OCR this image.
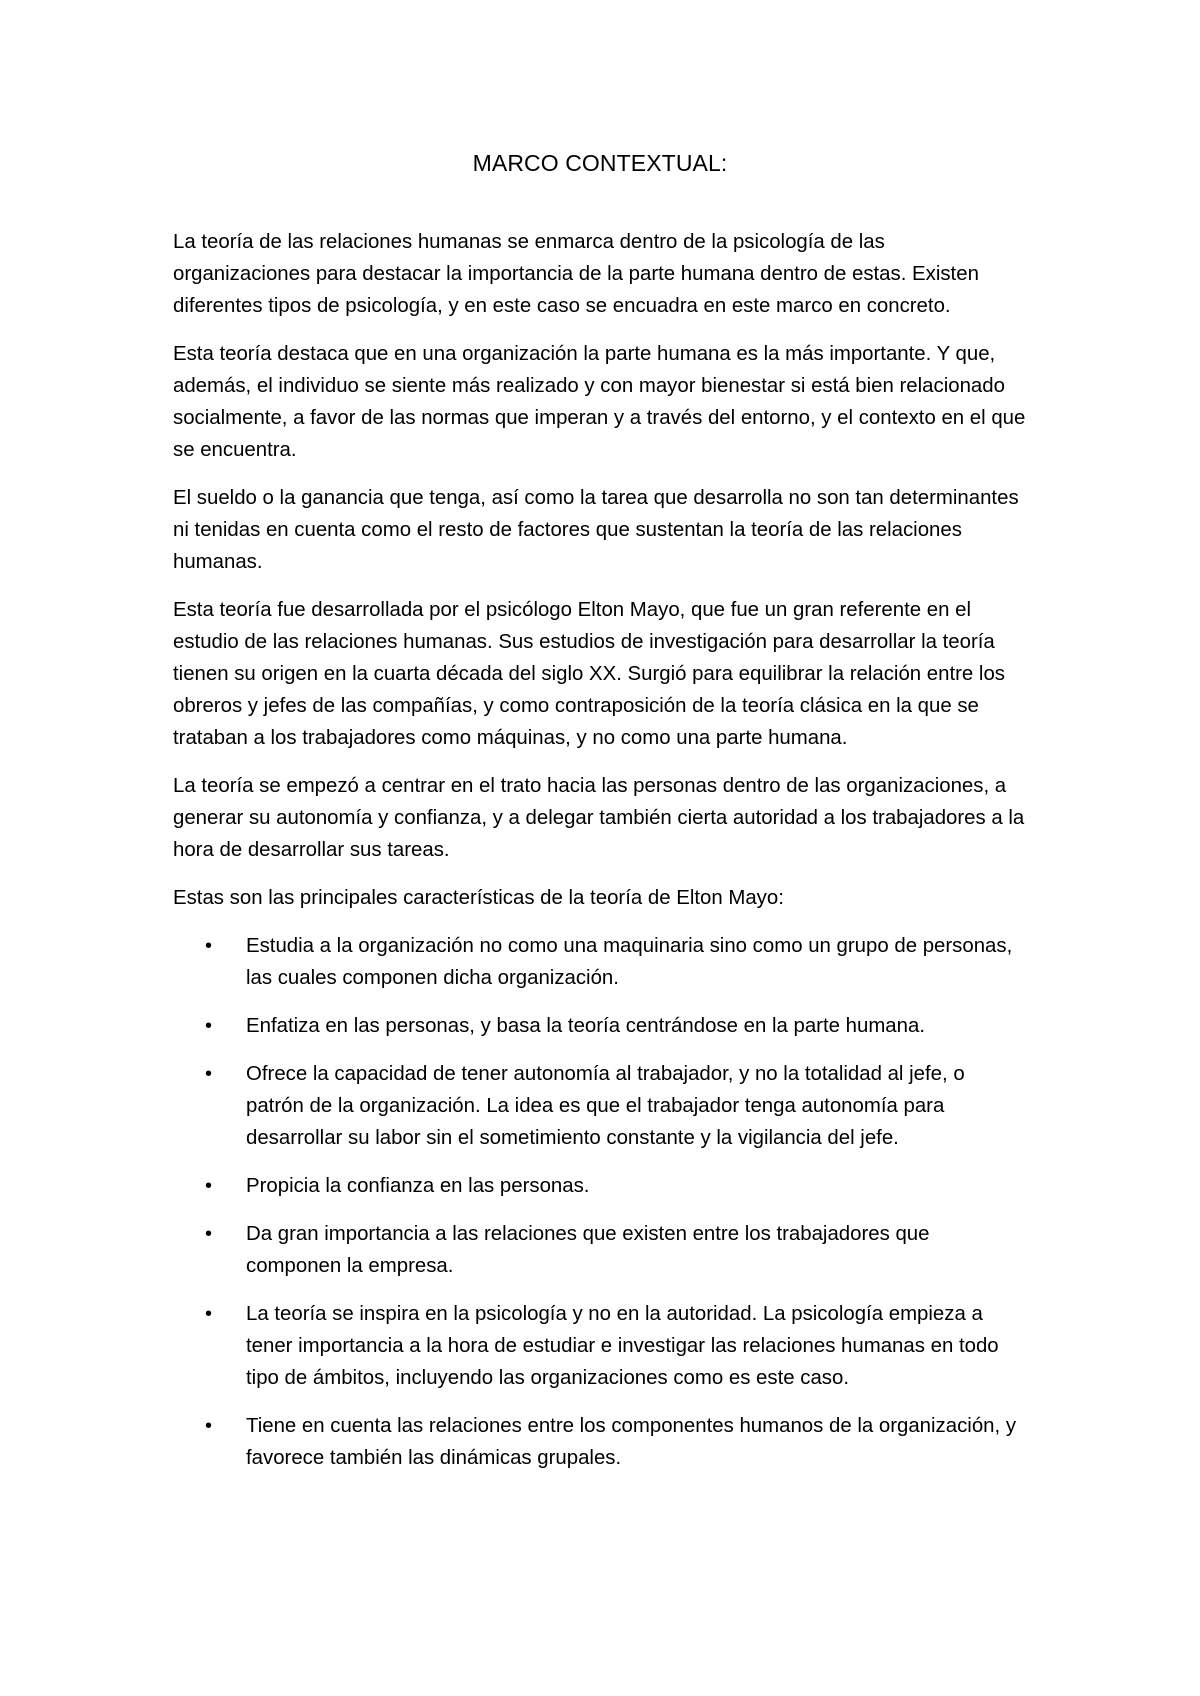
MARCO CONTEXTUAL:

La teoría de las relaciones humanas se enmarca dentro de la psicología de las organizaciones para destacar la importancia de la parte humana dentro de estas. Existen diferentes tipos de psicología, y en este caso se encuadra en este marco en concreto.

Esta teoría destaca que en una organización la parte humana es la más importante. Y que, además, el individuo se siente más realizado y con mayor bienestar si está bien relacionado socialmente, a favor de las normas que imperan y a través del entorno, y el contexto en el que se encuentra.

El sueldo o la ganancia que tenga, así como la tarea que desarrolla no son tan determinantes ni tenidas en cuenta como el resto de factores que sustentan la teoría de las relaciones humanas.

Esta teoría fue desarrollada por el psicólogo Elton Mayo, que fue un gran referente en el estudio de las relaciones humanas. Sus estudios de investigación para desarrollar la teoría tienen su origen en la cuarta década del siglo XX. Surgió para equilibrar la relación entre los obreros y jefes de las compañías, y como contraposición de la teoría clásica en la que se trataban a los trabajadores como máquinas, y no como una parte humana.

La teoría se empezó a centrar en el trato hacia las personas dentro de las organizaciones, a generar su autonomía y confianza, y a delegar también cierta autoridad a los trabajadores a la hora de desarrollar sus tareas.

Estas son las principales características de la teoría de Elton Mayo:

• Estudia a la organización no como una maquinaria sino como un grupo de personas, las cuales componen dicha organización.
• Enfatiza en las personas, y basa la teoría centrándose en la parte humana.
• Ofrece la capacidad de tener autonomía al trabajador, y no la totalidad al jefe, o patrón de la organización. La idea es que el trabajador tenga autonomía para desarrollar su labor sin el sometimiento constante y la vigilancia del jefe.
• Propicia la confianza en las personas.
• Da gran importancia a las relaciones que existen entre los trabajadores que componen la empresa.
• La teoría se inspira en la psicología y no en la autoridad. La psicología empieza a tener importancia a la hora de estudiar e investigar las relaciones humanas en todo tipo de ámbitos, incluyendo las organizaciones como es este caso.
• Tiene en cuenta las relaciones entre los componentes humanos de la organización, y favorece también las dinámicas grupales.
